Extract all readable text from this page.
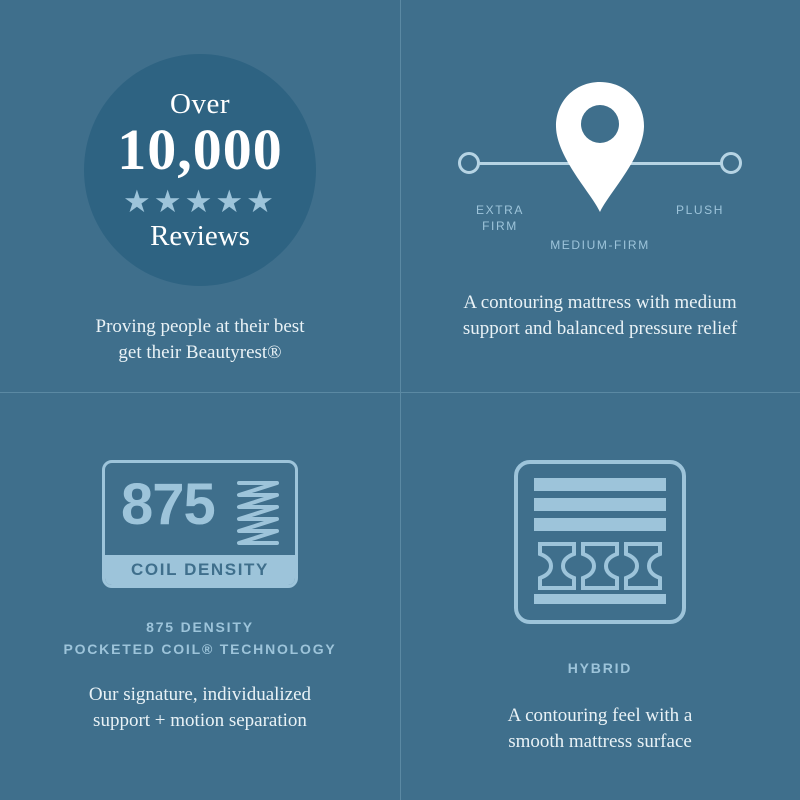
Over
10,000
★★★★★
Reviews
Proving people at their best
get their Beautyrest®
EXTRA
FIRM
PLUSH
MEDIUM-FIRM
A contouring mattress with medium
support and balanced pressure relief
875
COIL DENSITY
875 DENSITY
POCKETED COIL® TECHNOLOGY
Our signature, individualized
support + motion separation
HYBRID
A contouring feel with a
smooth mattress surface
